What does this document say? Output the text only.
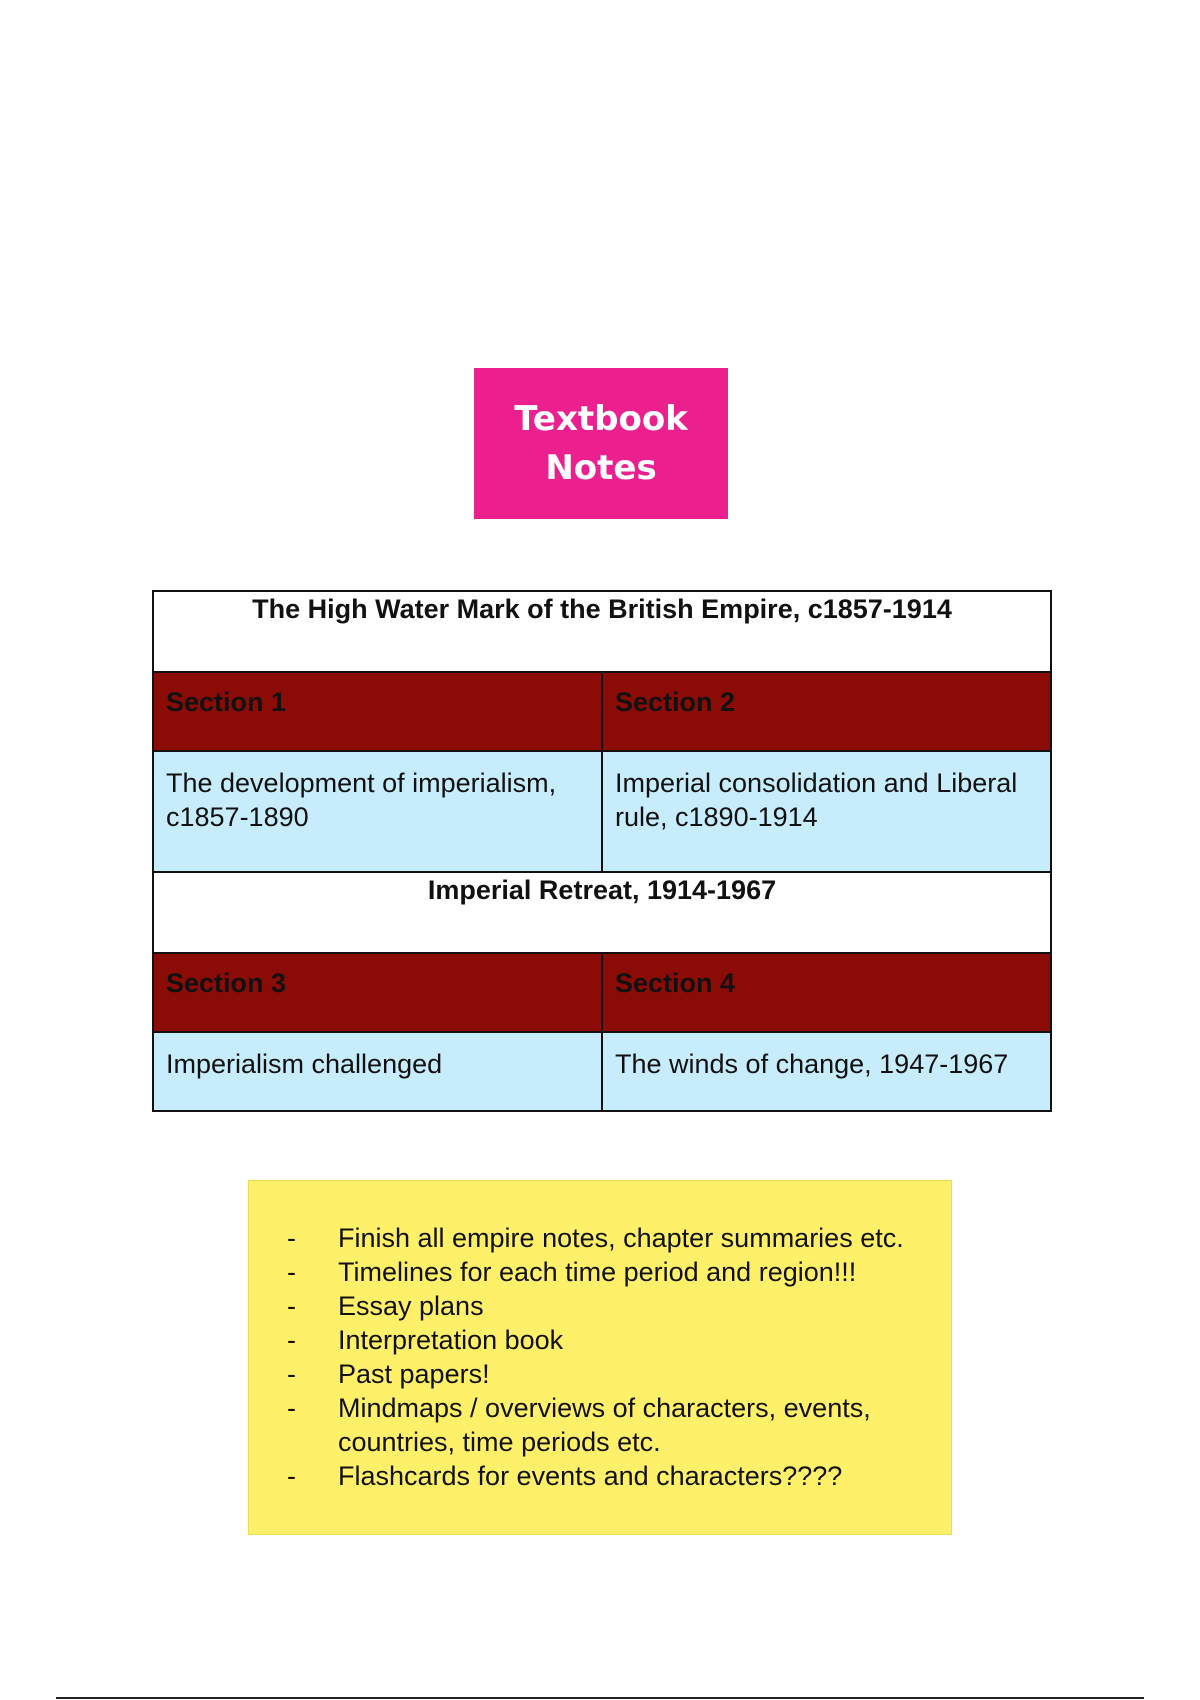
Textbook
Notes
The High Water Mark of the British Empire, c1857-1914	
Section 1	Section 2
The development of imperialism, c1857-1890	Imperial consolidation and Liberal rule, c1890-1914
Imperial Retreat, 1914-1967	
Section 3	Section 4
Imperialism challenged	The winds of change, 1947-1967
- Finish all empire notes, chapter summaries etc.
- Timelines for each time period and region!!!
- Essay plans
- Interpretation book
- Past papers!
- Mindmaps / overviews of characters, events, countries, time periods etc.
- Flashcards for events and characters????
